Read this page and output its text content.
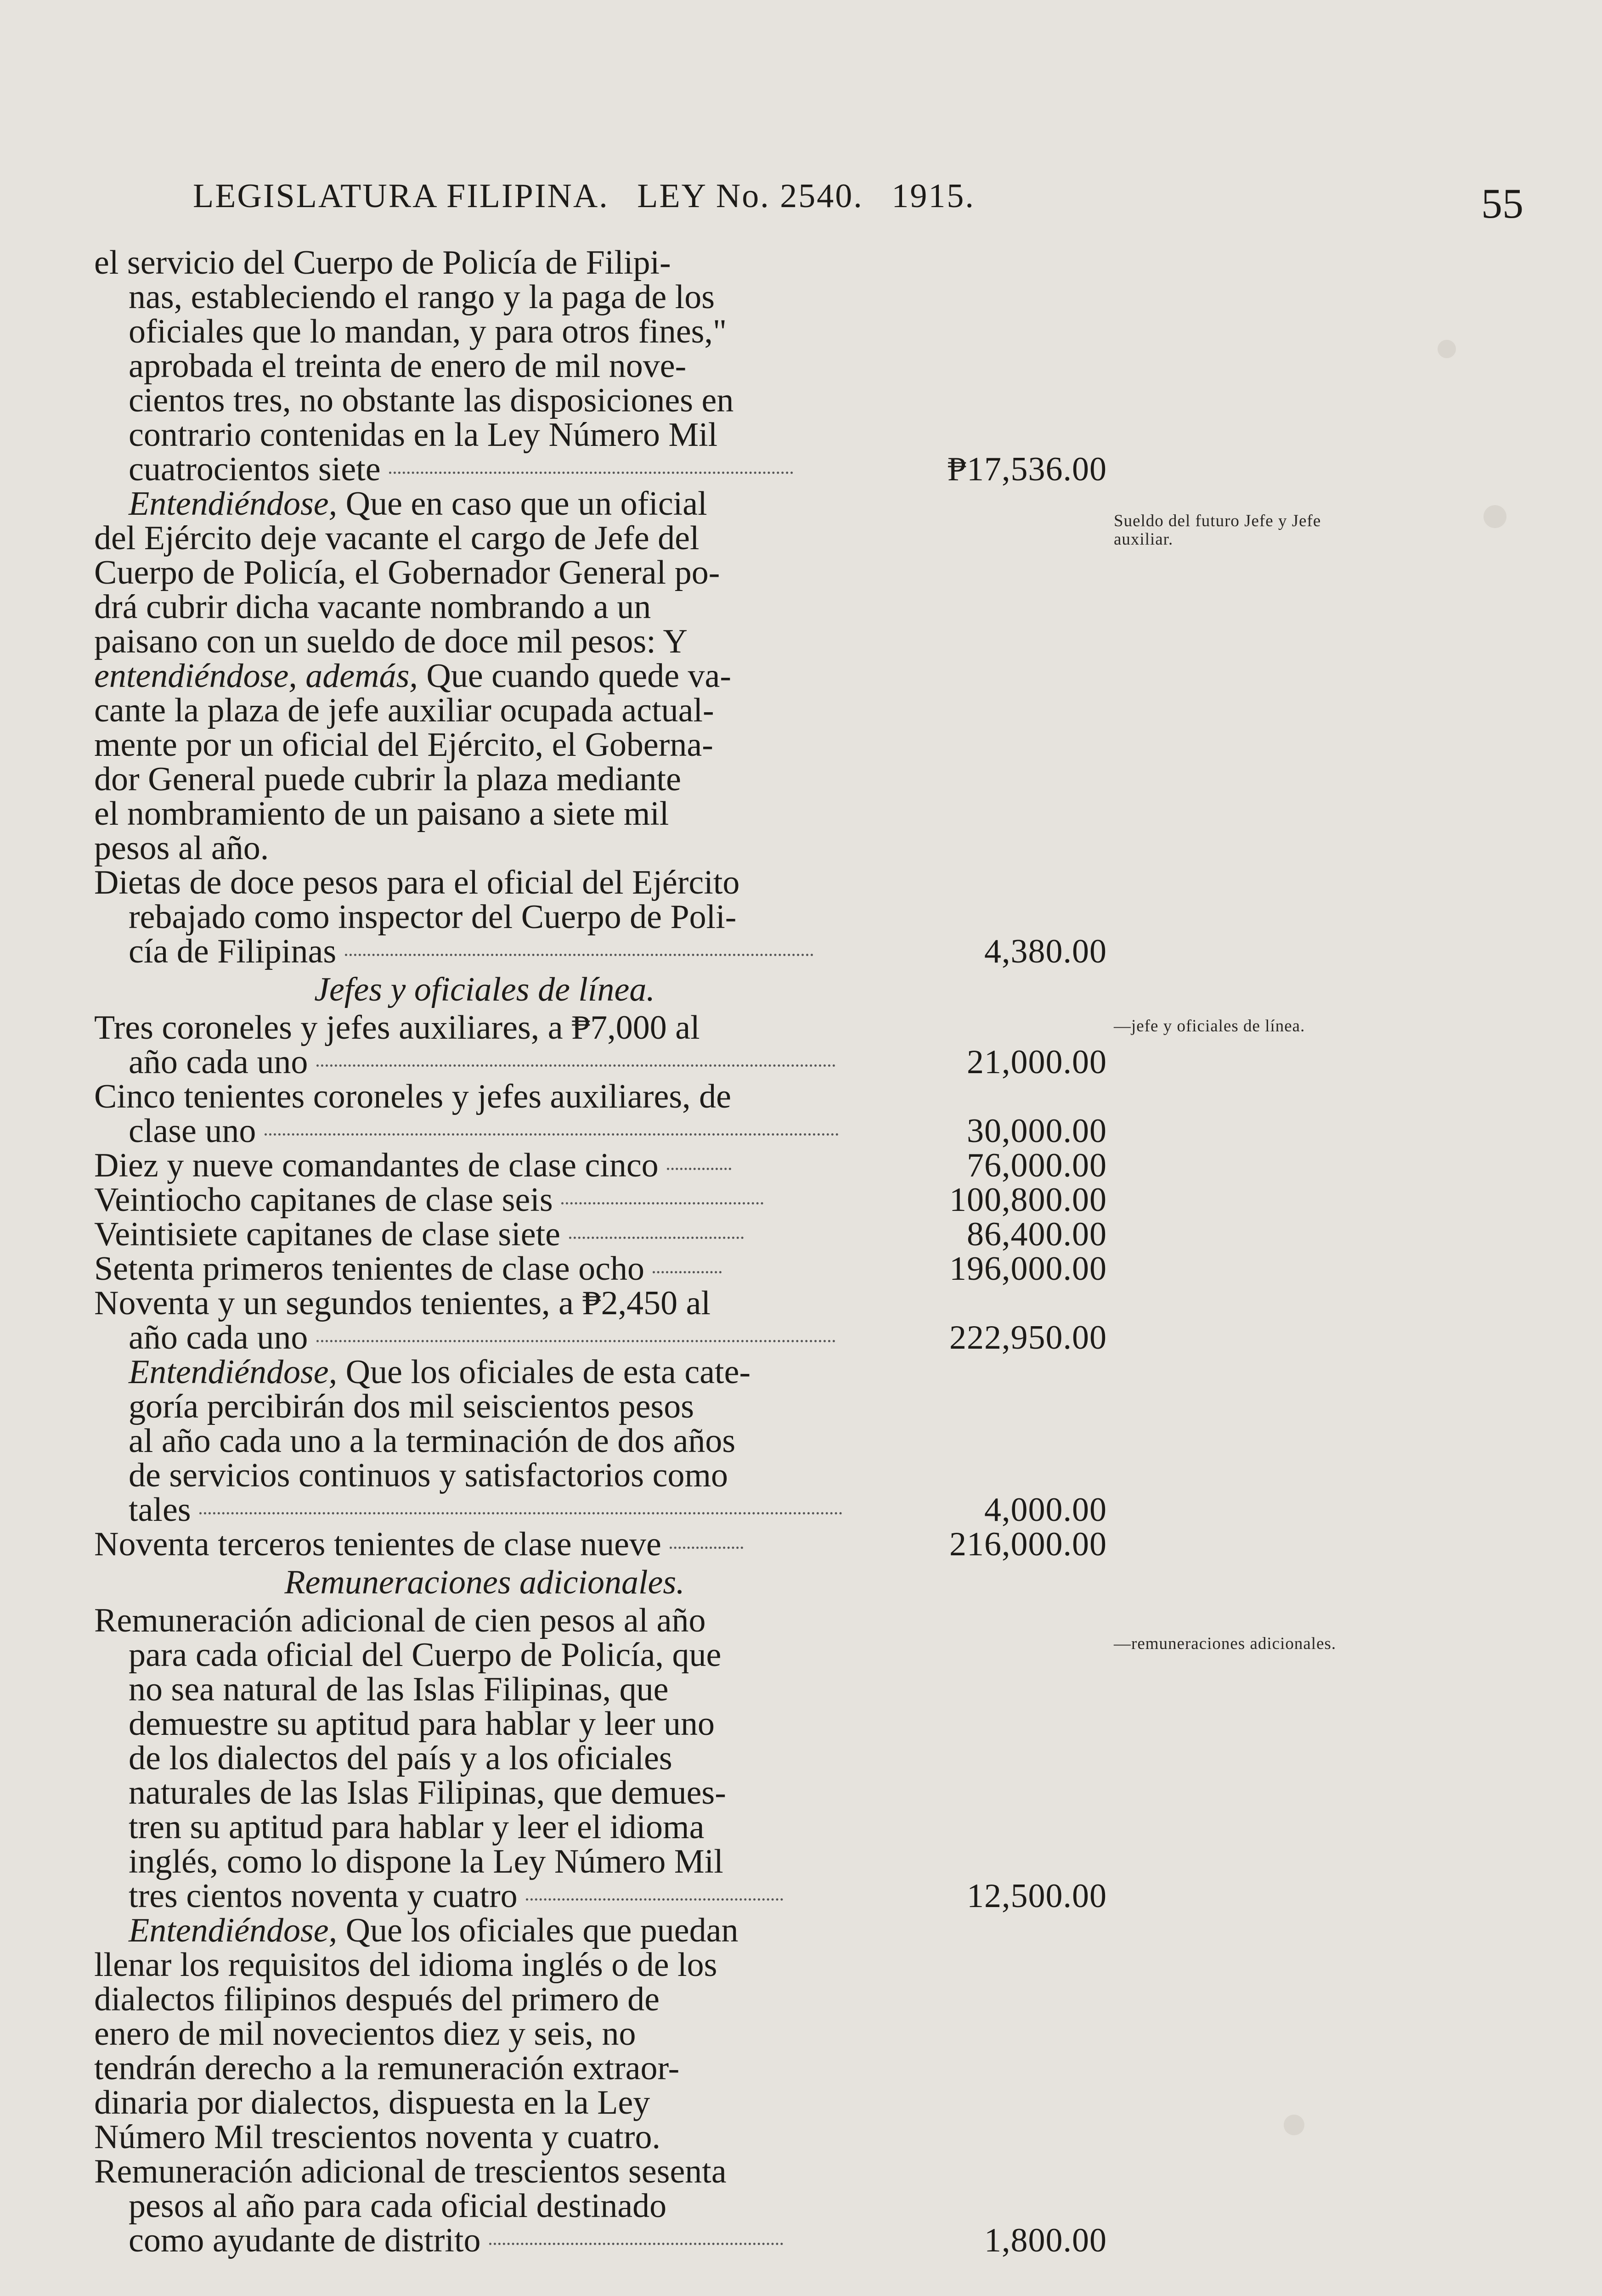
LEGISLATURA FILIPINA. LEY No. 2540. 1915.	55
Sueldo del futuro Jefe y Jefe auxiliar.
—jefe y oficiales de línea.
—remuneraciones adicionales.
el servicio del Cuerpo de Policía de Filipi-
nas, estableciendo el rango y la paga de los
oficiales que lo mandan, y para otros fines,"
aprobada el treinta de enero de mil nove-
cientos tres, no obstante las disposiciones en
contrario contenidas en la Ley Número Mil
cuatrocientos siete	₱17,536.00
Entendiéndose, Que en caso que un oficial
del Ejército deje vacante el cargo de Jefe del
Cuerpo de Policía, el Gobernador General po-
drá cubrir dicha vacante nombrando a un
paisano con un sueldo de doce mil pesos: Y
entendiéndose, además, Que cuando quede va-
cante la plaza de jefe auxiliar ocupada actual-
mente por un oficial del Ejército, el Goberna-
dor General puede cubrir la plaza mediante
el nombramiento de un paisano a siete mil
pesos al año.
Dietas de doce pesos para el oficial del Ejército
rebajado como inspector del Cuerpo de Poli-
cía de Filipinas	4,380.00
Jefes y oficiales de línea.
Tres coroneles y jefes auxiliares, a ₱7,000 al
año cada uno	21,000.00
Cinco tenientes coroneles y jefes auxiliares, de
clase uno	30,000.00
Diez y nueve comandantes de clase cinco	76,000.00
Veintiocho capitanes de clase seis	100,800.00
Veintisiete capitanes de clase siete	86,400.00
Setenta primeros tenientes de clase ocho	196,000.00
Noventa y un segundos tenientes, a ₱2,450 al
año cada uno	222,950.00
Entendiéndose, Que los oficiales de esta cate-
goría percibirán dos mil seiscientos pesos
al año cada uno a la terminación de dos años
de servicios continuos y satisfactorios como
tales	4,000.00
Noventa terceros tenientes de clase nueve	216,000.00
Remuneraciones adicionales.
Remuneración adicional de cien pesos al año
para cada oficial del Cuerpo de Policía, que
no sea natural de las Islas Filipinas, que
demuestre su aptitud para hablar y leer uno
de los dialectos del país y a los oficiales
naturales de las Islas Filipinas, que demues-
tren su aptitud para hablar y leer el idioma
inglés, como lo dispone la Ley Número Mil
tres cientos noventa y cuatro	12,500.00
Entendiéndose, Que los oficiales que puedan
llenar los requisitos del idioma inglés o de los
dialectos filipinos después del primero de
enero de mil novecientos diez y seis, no
tendrán derecho a la remuneración extraor-
dinaria por dialectos, dispuesta en la Ley
Número Mil trescientos noventa y cuatro.
Remuneración adicional de trescientos sesenta
pesos al año para cada oficial destinado
como ayudante de distrito	1,800.00
